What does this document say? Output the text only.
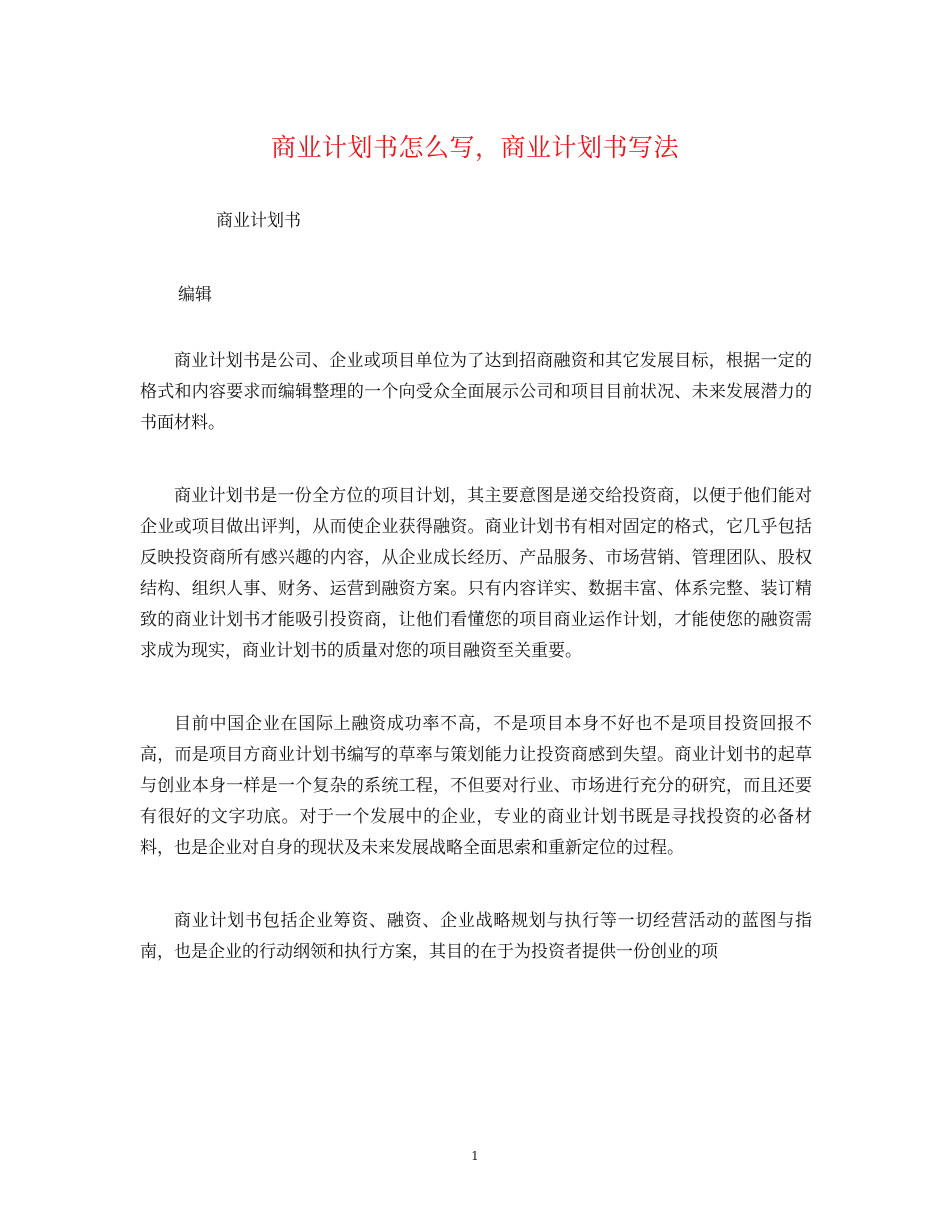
商业计划书怎么写，商业计划书写法

商业计划书

编辑

商业计划书是公司、企业或项目单位为了达到招商融资和其它发展目标，根据一定的格式和内容要求而编辑整理的一个向受众全面展示公司和项目目前状况、未来发展潜力的书面材料。

商业计划书是一份全方位的项目计划，其主要意图是递交给投资商，以便于他们能对企业或项目做出评判，从而使企业获得融资。商业计划书有相对固定的格式，它几乎包括反映投资商所有感兴趣的内容，从企业成长经历、产品服务、市场营销、管理团队、股权结构、组织人事、财务、运营到融资方案。只有内容详实、数据丰富、体系完整、装订精致的商业计划书才能吸引投资商，让他们看懂您的项目商业运作计划，才能使您的融资需求成为现实，商业计划书的质量对您的项目融资至关重要。

目前中国企业在国际上融资成功率不高，不是项目本身不好也不是项目投资回报不高，而是项目方商业计划书编写的草率与策划能力让投资商感到失望。商业计划书的起草与创业本身一样是一个复杂的系统工程，不但要对行业、市场进行充分的研究，而且还要有很好的文字功底。对于一个发展中的企业，专业的商业计划书既是寻找投资的必备材料，也是企业对自身的现状及未来发展战略全面思索和重新定位的过程。

商业计划书包括企业筹资、融资、企业战略规划与执行等一切经营活动的蓝图与指南，也是企业的行动纲领和执行方案，其目的在于为投资者提供一份创业的项

1
